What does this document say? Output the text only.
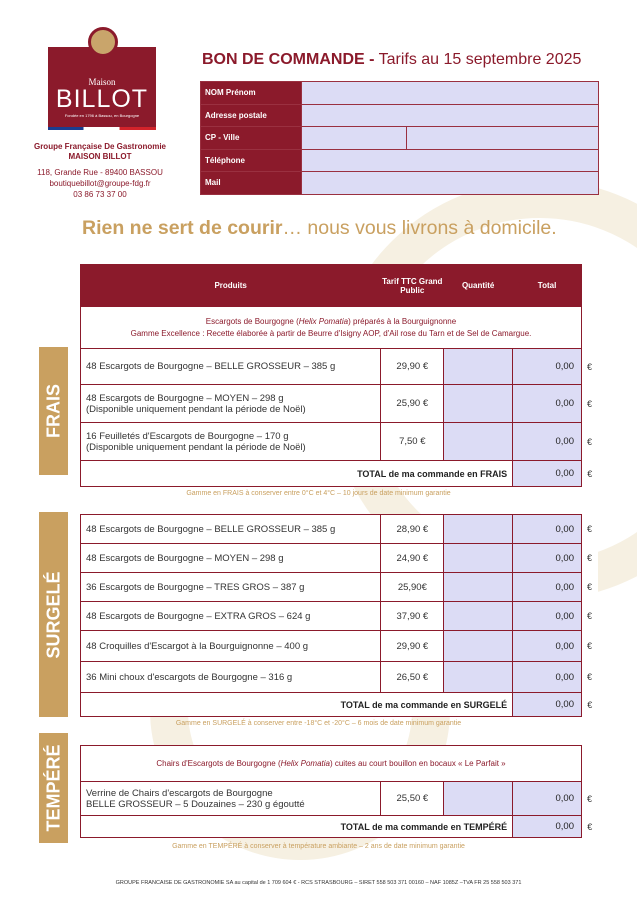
Maison
BILLOT
Fondée en 1796 à Bassou, en Bourgogne
Groupe Française De Gastronomie
MAISON BILLOT
118, Grande Rue - 89400 BASSOU
boutiquebillot@groupe-fdg.fr
03 86 73 37 00
BON DE COMMANDE - Tarifs au 15 septembre 2025
NOM Prénom		
Adresse postale		
CP - Ville		
Téléphone		
Mail		
Rien ne sert de courir… nous vous livrons à domicile.
FRAIS
Produits	Tarif TTC Grand Public	Quantité	Total	
Escargots de Bourgogne (Helix Pomatia) préparés à la Bourguignonne
Gamme Excellence : Recette élaborée à partir de Beurre d'Isigny AOP, d'Ail rose du Tarn et de Sel de Camargue.				
48 Escargots de Bourgogne – BELLE GROSSEUR – 385 g	29,90 €		0,00	€
48 Escargots de Bourgogne – MOYEN – 298 g
(Disponible uniquement pendant la période de Noël)	25,90 €		0,00	€
16 Feuilletés d'Escargots de Bourgogne – 170 g
(Disponible uniquement pendant la période de Noël)	7,50 €		0,00	€
TOTAL de ma commande en FRAIS			0,00	€
Gamme en FRAIS à conserver entre 0°C et 4°C – 10 jours de date minimum garantie
SURGELÉ
48 Escargots de Bourgogne – BELLE GROSSEUR – 385 g	28,90 €		0,00	€
48 Escargots de Bourgogne – MOYEN – 298 g	24,90 €		0,00	€
36 Escargots de Bourgogne – TRES GROS – 387 g	25,90€		0,00	€
48 Escargots de Bourgogne – EXTRA GROS – 624 g	37,90 €		0,00	€
48 Croquilles d'Escargot à la Bourguignonne – 400 g	29,90 €		0,00	€
36 Mini choux d'escargots de Bourgogne – 316 g	26,50 €		0,00	€
TOTAL de ma commande en SURGELÉ			0,00	€
Gamme en SURGELÉ à conserver entre -18°C et -20°C – 6 mois de date minimum garantie
TEMPÉRÉ	Chairs d'Escargots de Bourgogne (Helix Pomatia) cuites au court bouillon en bocaux « Le Parfait »				
Verrine de Chairs d'escargots de Bourgogne
BELLE GROSSEUR – 5 Douzaines – 230 g égoutté	25,50 €		0,00	€
TOTAL de ma commande en TEMPÉRÉ			0,00	€
Gamme en TEMPÉRÉ à conserver à température ambiante – 2 ans de date minimum garantie
GROUPE FRANCAISE DE GASTRONOMIE SA au capital de 1 709 604 € - RCS STRASBOURG – SIRET 558 503 371 00160 – NAF 1085Z –TVA FR 25 558 503 371
